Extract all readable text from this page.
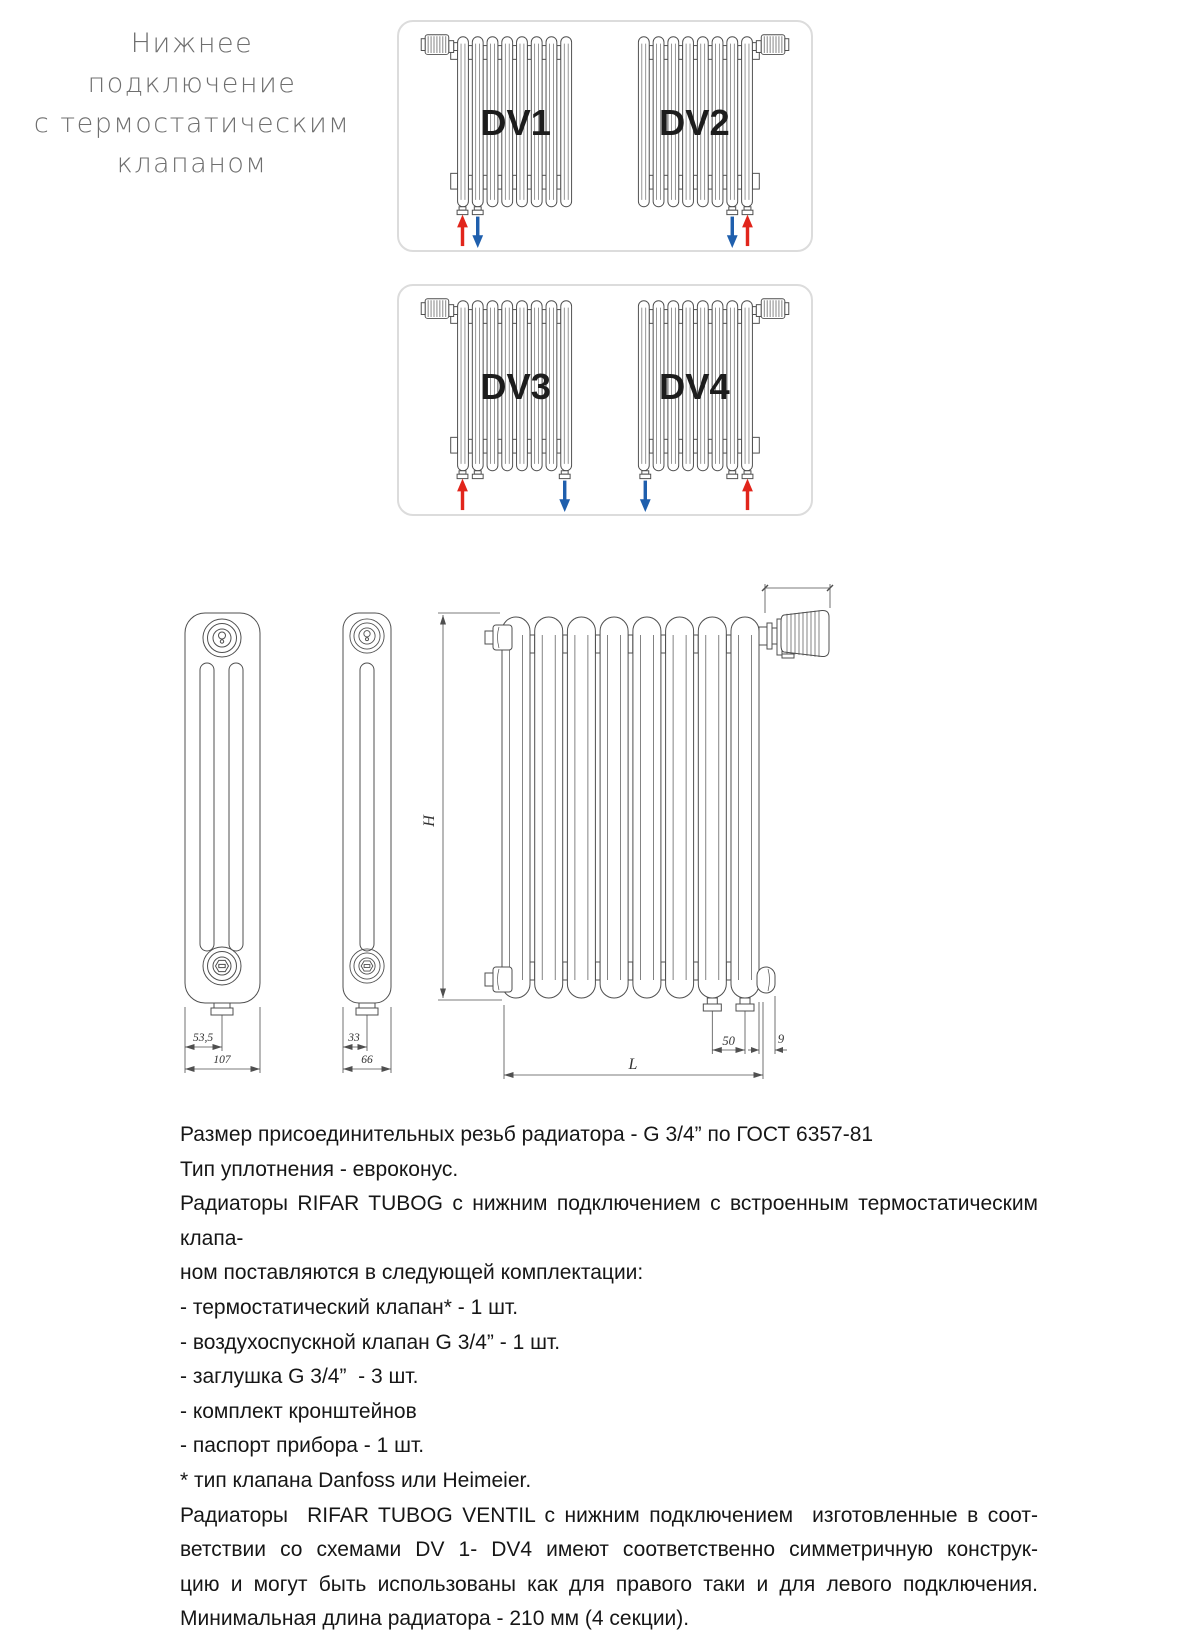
Нижнее подключение
с термостатическим
клапаном
DV1	DV2
DV3	DV4
53,5
107
33
66
H
50	9
L
Размер присоединительных резьб радиатора - G 3/4” по ГОСТ 6357-81
Тип уплотнения - евроконус.
Радиаторы RIFAR TUBOG с нижним подключением с встроенным термостатическим клапа-
ном поставляются в следующей комплектации:
- термостатический клапан* - 1 шт.
- воздухоспускной клапан G 3/4” - 1 шт.
- заглушка G 3/4”  - 3 шт.
- комплект кронштейнов
- паспорт прибора - 1 шт.
* тип клапана Danfoss или Heimeier.
Радиаторы  RIFAR TUBOG VENTIL с нижним подключением  изготовленные в соот-
ветствии со схемами DV 1- DV4 имеют соответственно симметричную конструк-
цию и могут быть использованы как для правого таки и для левого подключения.
Минимальная длина радиатора - 210 мм (4 секции).
